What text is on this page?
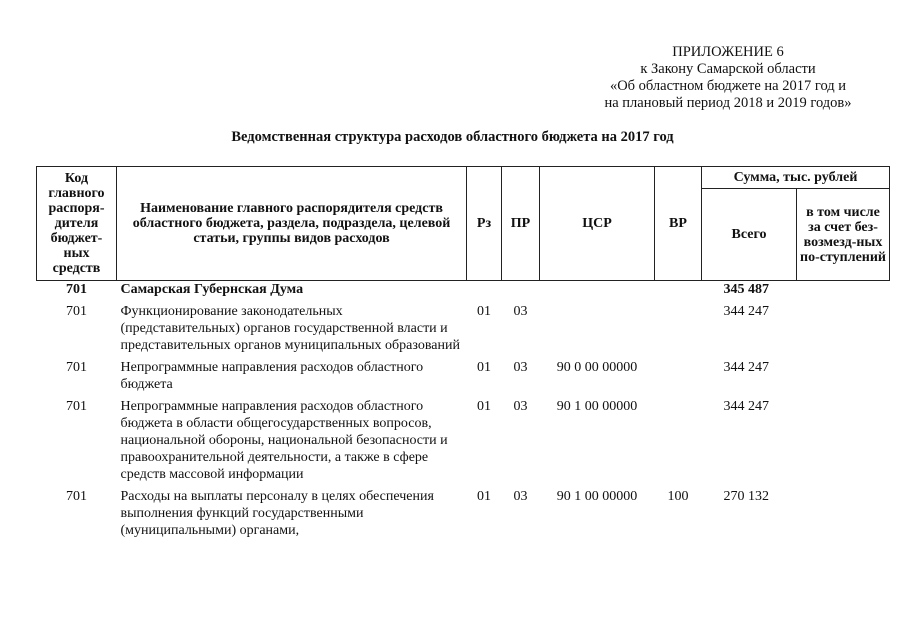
ПРИЛОЖЕНИЕ 6
к Закону Самарской области
«Об областном бюджете на 2017 год и
на плановый период 2018 и 2019 годов»
Ведомственная структура расходов областного бюджета на 2017 год
Код главного распоря-дителя бюджет-ных средств	Наименование главного распорядителя средств областного бюджета, раздела, подраздела, целевой статьи, группы видов расходов	Рз	ПР	ЦСР	ВР	Сумма, тыс. рублей	
						Всего	в том числе за счет без-возмезд-ных по-ступлений
701	Самарская Губернская Дума					345 487	
701	Функционирование законодательных (представительных) органов государственной власти и представительных органов муниципальных образований	01	03			344 247	
701	Непрограммные направления расходов областного бюджета	01	03	90 0 00 00000		344 247	
701	Непрограммные направления расходов областного бюджета в области общегосударственных вопросов, национальной обороны, национальной безопасности и правоохранительной деятельности, а также в сфере средств массовой информации	01	03	90 1 00 00000		344 247	
701	Расходы на выплаты персоналу в целях обеспечения выполнения функций государственными (муниципальными) органами,	01	03	90 1 00 00000	100	270 132	
